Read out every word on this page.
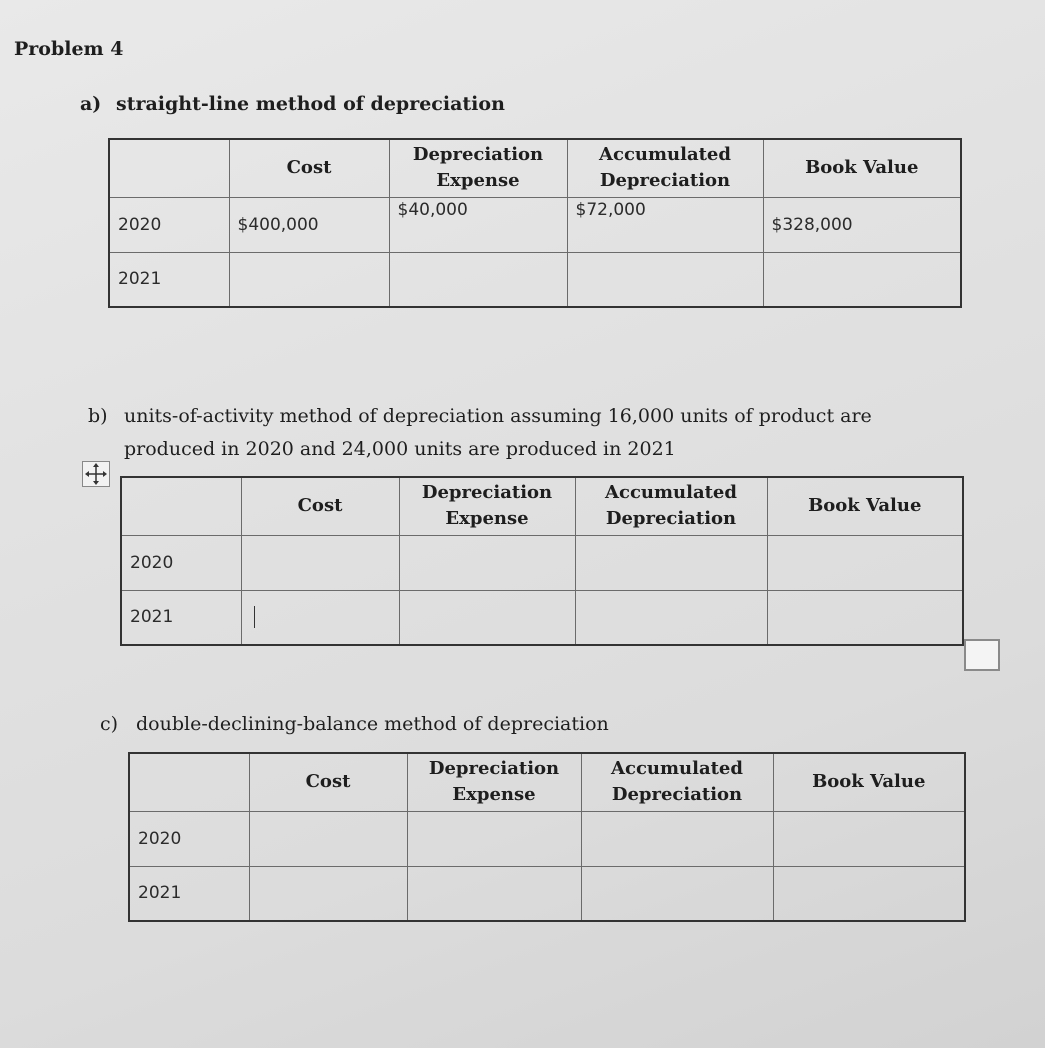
Problem 4
a) straight-line method of depreciation
	Cost	Depreciation Expense	Accumulated Depreciation	Book Value
2020	$400,000	$40,000	$72,000	$328,000
2021				
b) units-of-activity method of depreciation assuming 16,000 units of product are
produced in 2020 and 24,000 units are produced in 2021
	Cost	Depreciation Expense	Accumulated Depreciation	Book Value
2020				
2021				
c) double-declining-balance method of depreciation
	Cost	Depreciation Expense	Accumulated Depreciation	Book Value
2020				
2021				
